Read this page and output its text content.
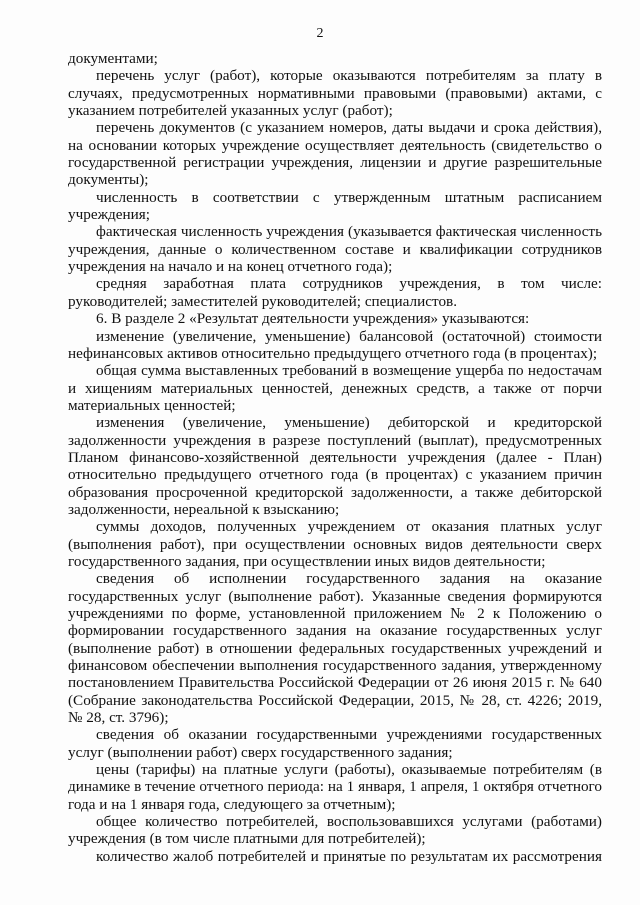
2

документами;

перечень услуг (работ), которые оказываются потребителям за плату в случаях, предусмотренных нормативными правовыми (правовыми) актами, с указанием потребителей указанных услуг (работ);

перечень документов (с указанием номеров, даты выдачи и срока действия), на основании которых учреждение осуществляет деятельность (свидетельство о государственной регистрации учреждения, лицензии и другие разрешительные документы);

численность в соответствии с утвержденным штатным расписанием учреждения;

фактическая численность учреждения (указывается фактическая численность учреждения, данные о количественном составе и квалификации сотрудников учреждения на начало и на конец отчетного года);

средняя заработная плата сотрудников учреждения, в том числе: руководителей; заместителей руководителей; специалистов.

6. В разделе 2 «Результат деятельности учреждения» указываются:

изменение (увеличение, уменьшение) балансовой (остаточной) стоимости нефинансовых активов относительно предыдущего отчетного года (в процентах);

общая сумма выставленных требований в возмещение ущерба по недостачам и хищениям материальных ценностей, денежных средств, а также от порчи материальных ценностей;

изменения (увеличение, уменьшение) дебиторской и кредиторской задолженности учреждения в разрезе поступлений (выплат), предусмотренных Планом финансово-хозяйственной деятельности учреждения (далее - План) относительно предыдущего отчетного года (в процентах) с указанием причин образования просроченной кредиторской задолженности, а также дебиторской задолженности, нереальной к взысканию;

суммы доходов, полученных учреждением от оказания платных услуг (выполнения работ), при осуществлении основных видов деятельности сверх государственного задания, при осуществлении иных видов деятельности;

сведения об исполнении государственного задания на оказание государственных услуг (выполнение работ). Указанные сведения формируются учреждениями по форме, установленной приложением № 2 к Положению о формировании государственного задания на оказание государственных услуг (выполнение работ) в отношении федеральных государственных учреждений и финансовом обеспечении выполнения государственного задания, утвержденному постановлением Правительства Российской Федерации от 26 июня 2015 г. № 640 (Собрание законодательства Российской Федерации, 2015, № 28, ст. 4226; 2019, № 28, ст. 3796);

сведения об оказании государственными учреждениями государственных услуг (выполнении работ) сверх государственного задания;

цены (тарифы) на платные услуги (работы), оказываемые потребителям (в динамике в течение отчетного периода: на 1 января, 1 апреля, 1 октября отчетного года и на 1 января года, следующего за отчетным);

общее количество потребителей, воспользовавшихся услугами (работами) учреждения (в том числе платными для потребителей);

количество жалоб потребителей и принятые по результатам их рассмотрения
